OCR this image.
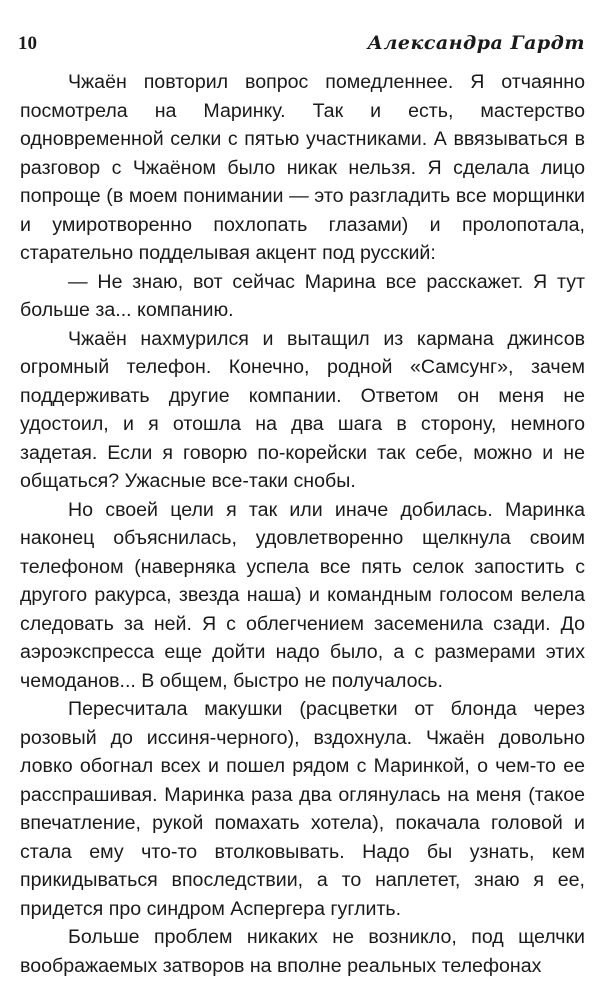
10	Александра Гардт

Чжаён повторил вопрос помедленнее. Я отчаянно посмотрела на Маринку. Так и есть, мастерство одновременной селки с пятью участниками. А ввязываться в разговор с Чжаёном было никак нельзя. Я сделала лицо попроще (в моем понимании — это разгладить все морщинки и умиротворенно похлопать глазами) и пролопотала, старательно подделывая акцент под русский:

— Не знаю, вот сейчас Марина все расскажет. Я тут больше за... компанию.

Чжаён нахмурился и вытащил из кармана джинсов огромный телефон. Конечно, родной «Самсунг», зачем поддерживать другие компании. Ответом он меня не удостоил, и я отошла на два шага в сторону, немного задетая. Если я говорю по-корейски так себе, можно и не общаться? Ужасные все-таки снобы.

Но своей цели я так или иначе добилась. Маринка наконец объяснилась, удовлетворенно щелкнула своим телефоном (наверняка успела все пять селок запостить с другого ракурса, звезда наша) и командным голосом велела следовать за ней. Я с облегчением засеменила сзади. До аэроэкспресса еще дойти надо было, а с размерами этих чемоданов... В общем, быстро не получалось.

Пересчитала макушки (расцветки от блонда через розовый до иссиня-черного), вздохнула. Чжаён довольно ловко обогнал всех и пошел рядом с Маринкой, о чем-то ее расспрашивая. Маринка раза два оглянулась на меня (такое впечатление, рукой помахать хотела), покачала головой и стала ему что-то втолковывать. Надо бы узнать, кем прикидываться впоследствии, а то наплетет, знаю я ее, придется про синдром Аспергера гуглить.

Больше проблем никаких не возникло, под щелчки воображаемых затворов на вполне реальных телефонах
